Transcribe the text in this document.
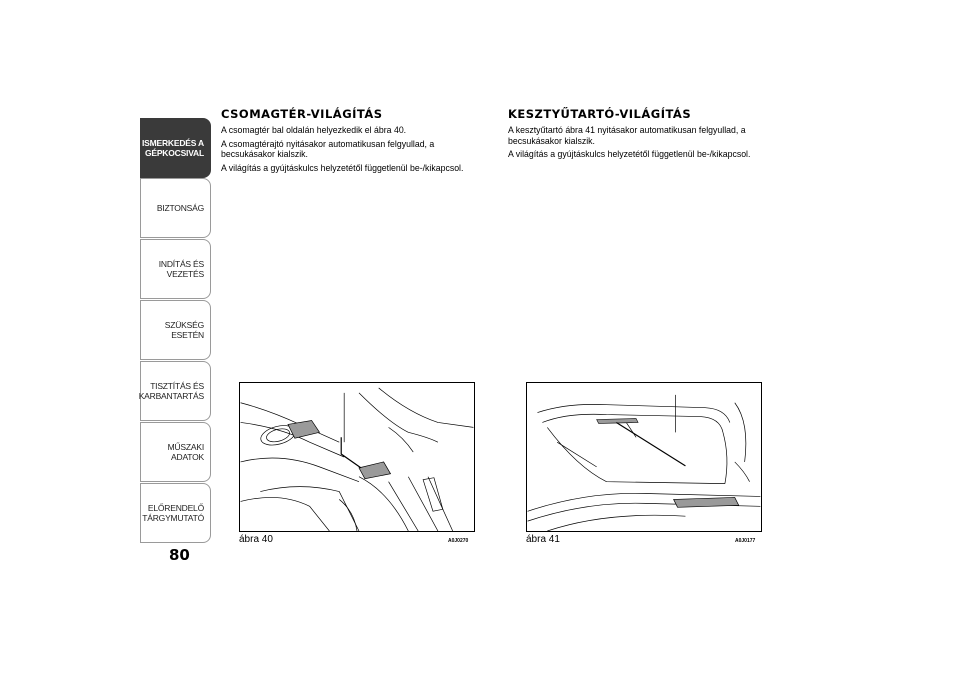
ISMERKEDÉS A
GÉPKOCSIVAL
BIZTONSÁG
INDÍTÁS ÉS VEZETÉS
SZÜKSÉG ESETÉN
TISZTÍTÁS ÉS
KARBANTARTÁS
MŰSZAKI ADATOK
ELŐRENDELŐ
TÁRGYMUTATÓ
80
CSOMAGTÉR-VILÁGÍTÁS
A csomagtér bal oldalán helyezkedik el ábra 40.
A csomagtérajtó nyitásakor automatikusan felgyullad, a becsukásakor kialszik.
A világítás a gyújtáskulcs helyzetétől függetlenül be-/kikapcsol.
KESZTYŰTARTÓ-VILÁGÍTÁS
A kesztyűtartó ábra 41 nyitásakor automatikusan felgyullad, a becsukásakor kialszik.
A világítás a gyújtáskulcs helyzetétől függetlenül be-/kikapcsol.
ábra 40	A0J0270	ábra 41	A0J0177
